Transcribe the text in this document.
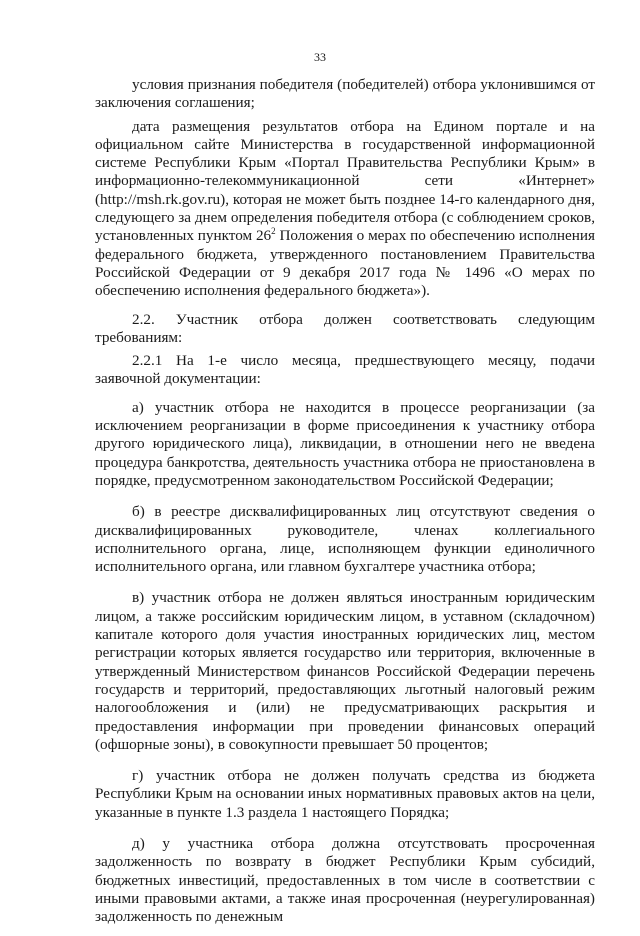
33

условия признания победителя (победителей) отбора уклонившимся от заключения соглашения;

дата размещения результатов отбора на Едином портале и на официальном сайте Министерства в государственной информационной системе Республики Крым «Портал Правительства Республики Крым» в информационно-телекоммуникационной сети «Интернет» (http://msh.rk.gov.ru), которая не может быть позднее 14-го календарного дня, следующего за днем определения победителя отбора (с соблюдением сроков, установленных пунктом $26^2$ Положения о мерах по обеспечению исполнения федерального бюджета, утвержденного постановлением Правительства Российской Федерации от 9 декабря 2017 года № 1496 «О мерах по обеспечению исполнения федерального бюджета»).

2.2. Участник отбора должен соответствовать следующим требованиям:

2.2.1 На 1-е число месяца, предшествующего месяцу, подачи заявочной документации:

а) участник отбора не находится в процессе реорганизации (за исключением реорганизации в форме присоединения к участнику отбора другого юридического лица), ликвидации, в отношении него не введена процедура банкротства, деятельность участника отбора не приостановлена в порядке, предусмотренном законодательством Российской Федерации;

б) в реестре дисквалифицированных лиц отсутствуют сведения о дисквалифицированных руководителе, членах коллегиального исполнительного органа, лице, исполняющем функции единоличного исполнительного органа, или главном бухгалтере участника отбора;

в) участник отбора не должен являться иностранным юридическим лицом, а также российским юридическим лицом, в уставном (складочном) капитале которого доля участия иностранных юридических лиц, местом регистрации которых является государство или территория, включенные в утвержденный Министерством финансов Российской Федерации перечень государств и территорий, предоставляющих льготный налоговый режим налогообложения и (или) не предусматривающих раскрытия и предоставления информации при проведении финансовых операций (офшорные зоны), в совокупности превышает 50 процентов;

г) участник отбора не должен получать средства из бюджета Республики Крым на основании иных нормативных правовых актов на цели, указанные в пункте 1.3 раздела 1 настоящего Порядка;

д) у участника отбора должна отсутствовать просроченная задолженность по возврату в бюджет Республики Крым субсидий, бюджетных инвестиций, предоставленных в том числе в соответствии с иными правовыми актами, а также иная просроченная (неурегулированная) задолженность по денежным
